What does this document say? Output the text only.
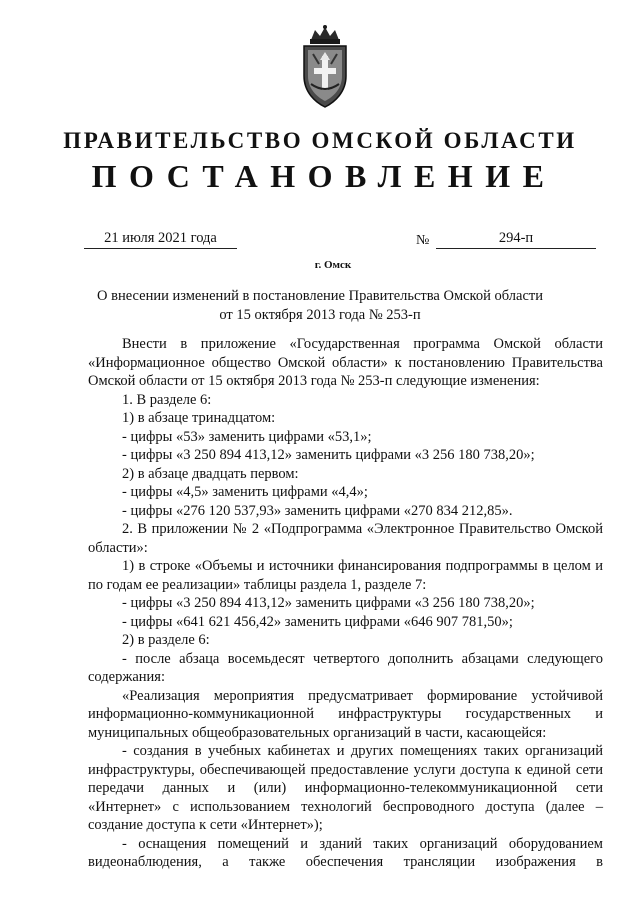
ПРАВИТЕЛЬСТВО ОМСКОЙ ОБЛАСТИ
ПОСТАНОВЛЕНИЕ
21 июля 2021 года	№	294-п
г. Омск
О внесении изменений в постановление Правительства Омской области
от 15 октября 2013 года № 253-п

Внести в приложение «Государственная программа Омской области «Информационное общество Омской области» к постановлению Правительства Омской области от 15 октября 2013 года № 253-п следующие изменения:

1. В разделе 6:

1) в абзаце тринадцатом:

- цифры «53» заменить цифрами «53,1»;

- цифры «3 250 894 413,12» заменить цифрами «3 256 180 738,20»;

2) в абзаце двадцать первом:

- цифры «4,5» заменить цифрами «4,4»;

- цифры «276 120 537,93» заменить цифрами «270 834 212,85».

2. В приложении № 2 «Подпрограмма «Электронное Правительство Омской области»:

1) в строке «Объемы и источники финансирования подпрограммы в целом и по годам ее реализации» таблицы раздела 1, разделе 7:

- цифры «3 250 894 413,12» заменить цифрами «3 256 180 738,20»;

- цифры «641 621 456,42» заменить цифрами «646 907 781,50»;

2) в разделе 6:

- после абзаца восемьдесят четвертого дополнить абзацами следующего содержания:

«Реализация мероприятия предусматривает формирование устойчивой информационно-коммуникационной инфраструктуры государственных и муниципальных общеобразовательных организаций в части, касающейся:

- создания в учебных кабинетах и других помещениях таких организаций инфраструктуры, обеспечивающей предоставление услуги доступа к единой сети передачи данных и (или) информационно-телекоммуникационной сети «Интернет» с использованием технологий беспроводного доступа (далее – создание доступа к сети «Интернет»);

- оснащения помещений и зданий таких организаций оборудованием видеонаблюдения, а также обеспечения трансляции изображения в
